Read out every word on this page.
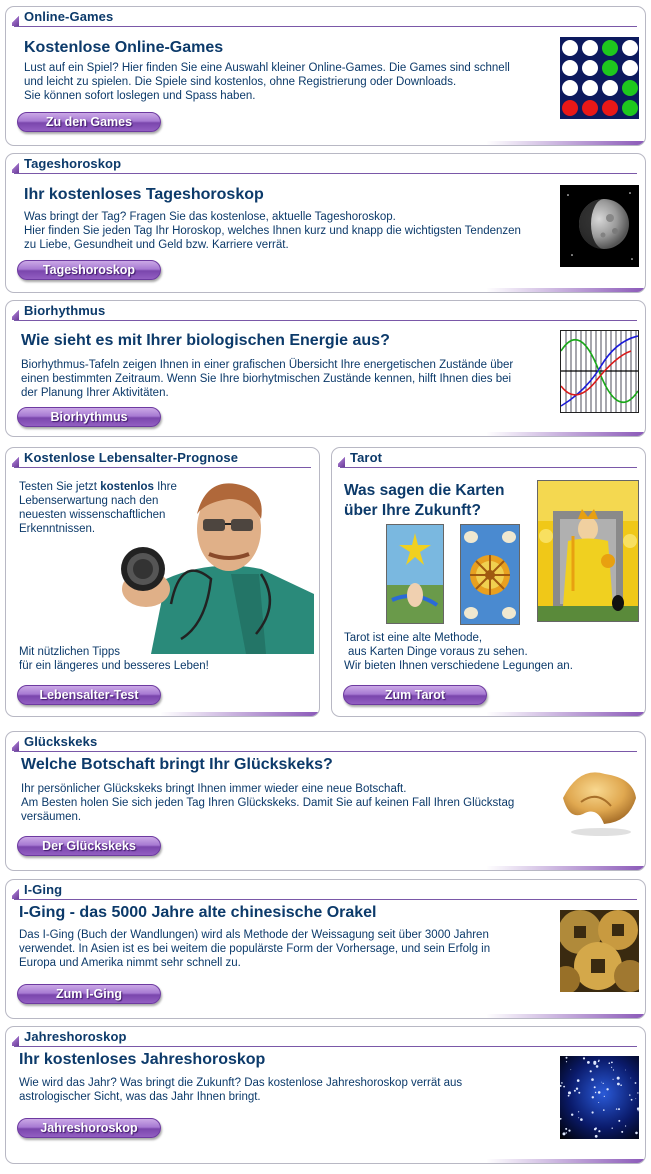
Online-Games
Kostenlose Online-Games

Lust auf ein Spiel? Hier finden Sie eine Auswahl kleiner Online-Games. Die Games sind schnell

und leicht zu spielen. Die Spiele sind kostenlos, ohne Registrierung oder Downloads.

Sie können sofort loslegen und Spass haben.

Zu den Games
Tageshoroskop
Ihr kostenloses Tageshoroskop

Was bringt der Tag? Fragen Sie das kostenlose, aktuelle Tageshoroskop.

Hier finden Sie jeden Tag Ihr Horoskop, welches Ihnen kurz und knapp die wichtigsten Tendenzen

zu Liebe, Gesundheit und Geld bzw. Karriere verrät.

Tageshoroskop
Biorhythmus
Wie sieht es mit Ihrer biologischen Energie aus?

Biorhythmus-Tafeln zeigen Ihnen in einer grafischen Übersicht Ihre energetischen Zustände über

einen bestimmten Zeitraum. Wenn Sie Ihre biorhytmischen Zustände kennen, hilft Ihnen dies bei

der Planung Ihrer Aktivitäten.

Biorhythmus
Kostenlose Lebensalter-Prognose

Testen Sie jetzt kostenlos Ihre

Lebenserwartung nach den

neuesten wissenschaftlichen

Erkenntnissen.

Mit nützlichen Tipps

für ein längeres und besseres Leben!

Lebensalter-Test
Tarot
Was sagen die Karten
über Ihre Zukunft?

Tarot ist eine alte Methode,

aus Karten Dinge voraus zu sehen.

Wir bieten Ihnen verschiedene Legungen an.

Zum Tarot
Glückskeks
Welche Botschaft bringt Ihr Glückskeks?

Ihr persönlicher Glückskeks bringt Ihnen immer wieder eine neue Botschaft.

Am Besten holen Sie sich jeden Tag Ihren Glückskeks. Damit Sie auf keinen Fall Ihren Glückstag

versäumen.

Der Glückskeks
I-Ging
I-Ging - das 5000 Jahre alte chinesische Orakel

Das I-Ging (Buch der Wandlungen) wird als Methode der Weissagung seit über 3000 Jahren

verwendet. In Asien ist es bei weitem die populärste Form der Vorhersage, und sein Erfolg in

Europa und Amerika nimmt sehr schnell zu.

Zum I-Ging
Jahreshoroskop
Ihr kostenloses Jahreshoroskop

Wie wird das Jahr? Was bringt die Zukunft? Das kostenlose Jahreshoroskop verrät aus

astrologischer Sicht, was das Jahr Ihnen bringt.

Jahreshoroskop
